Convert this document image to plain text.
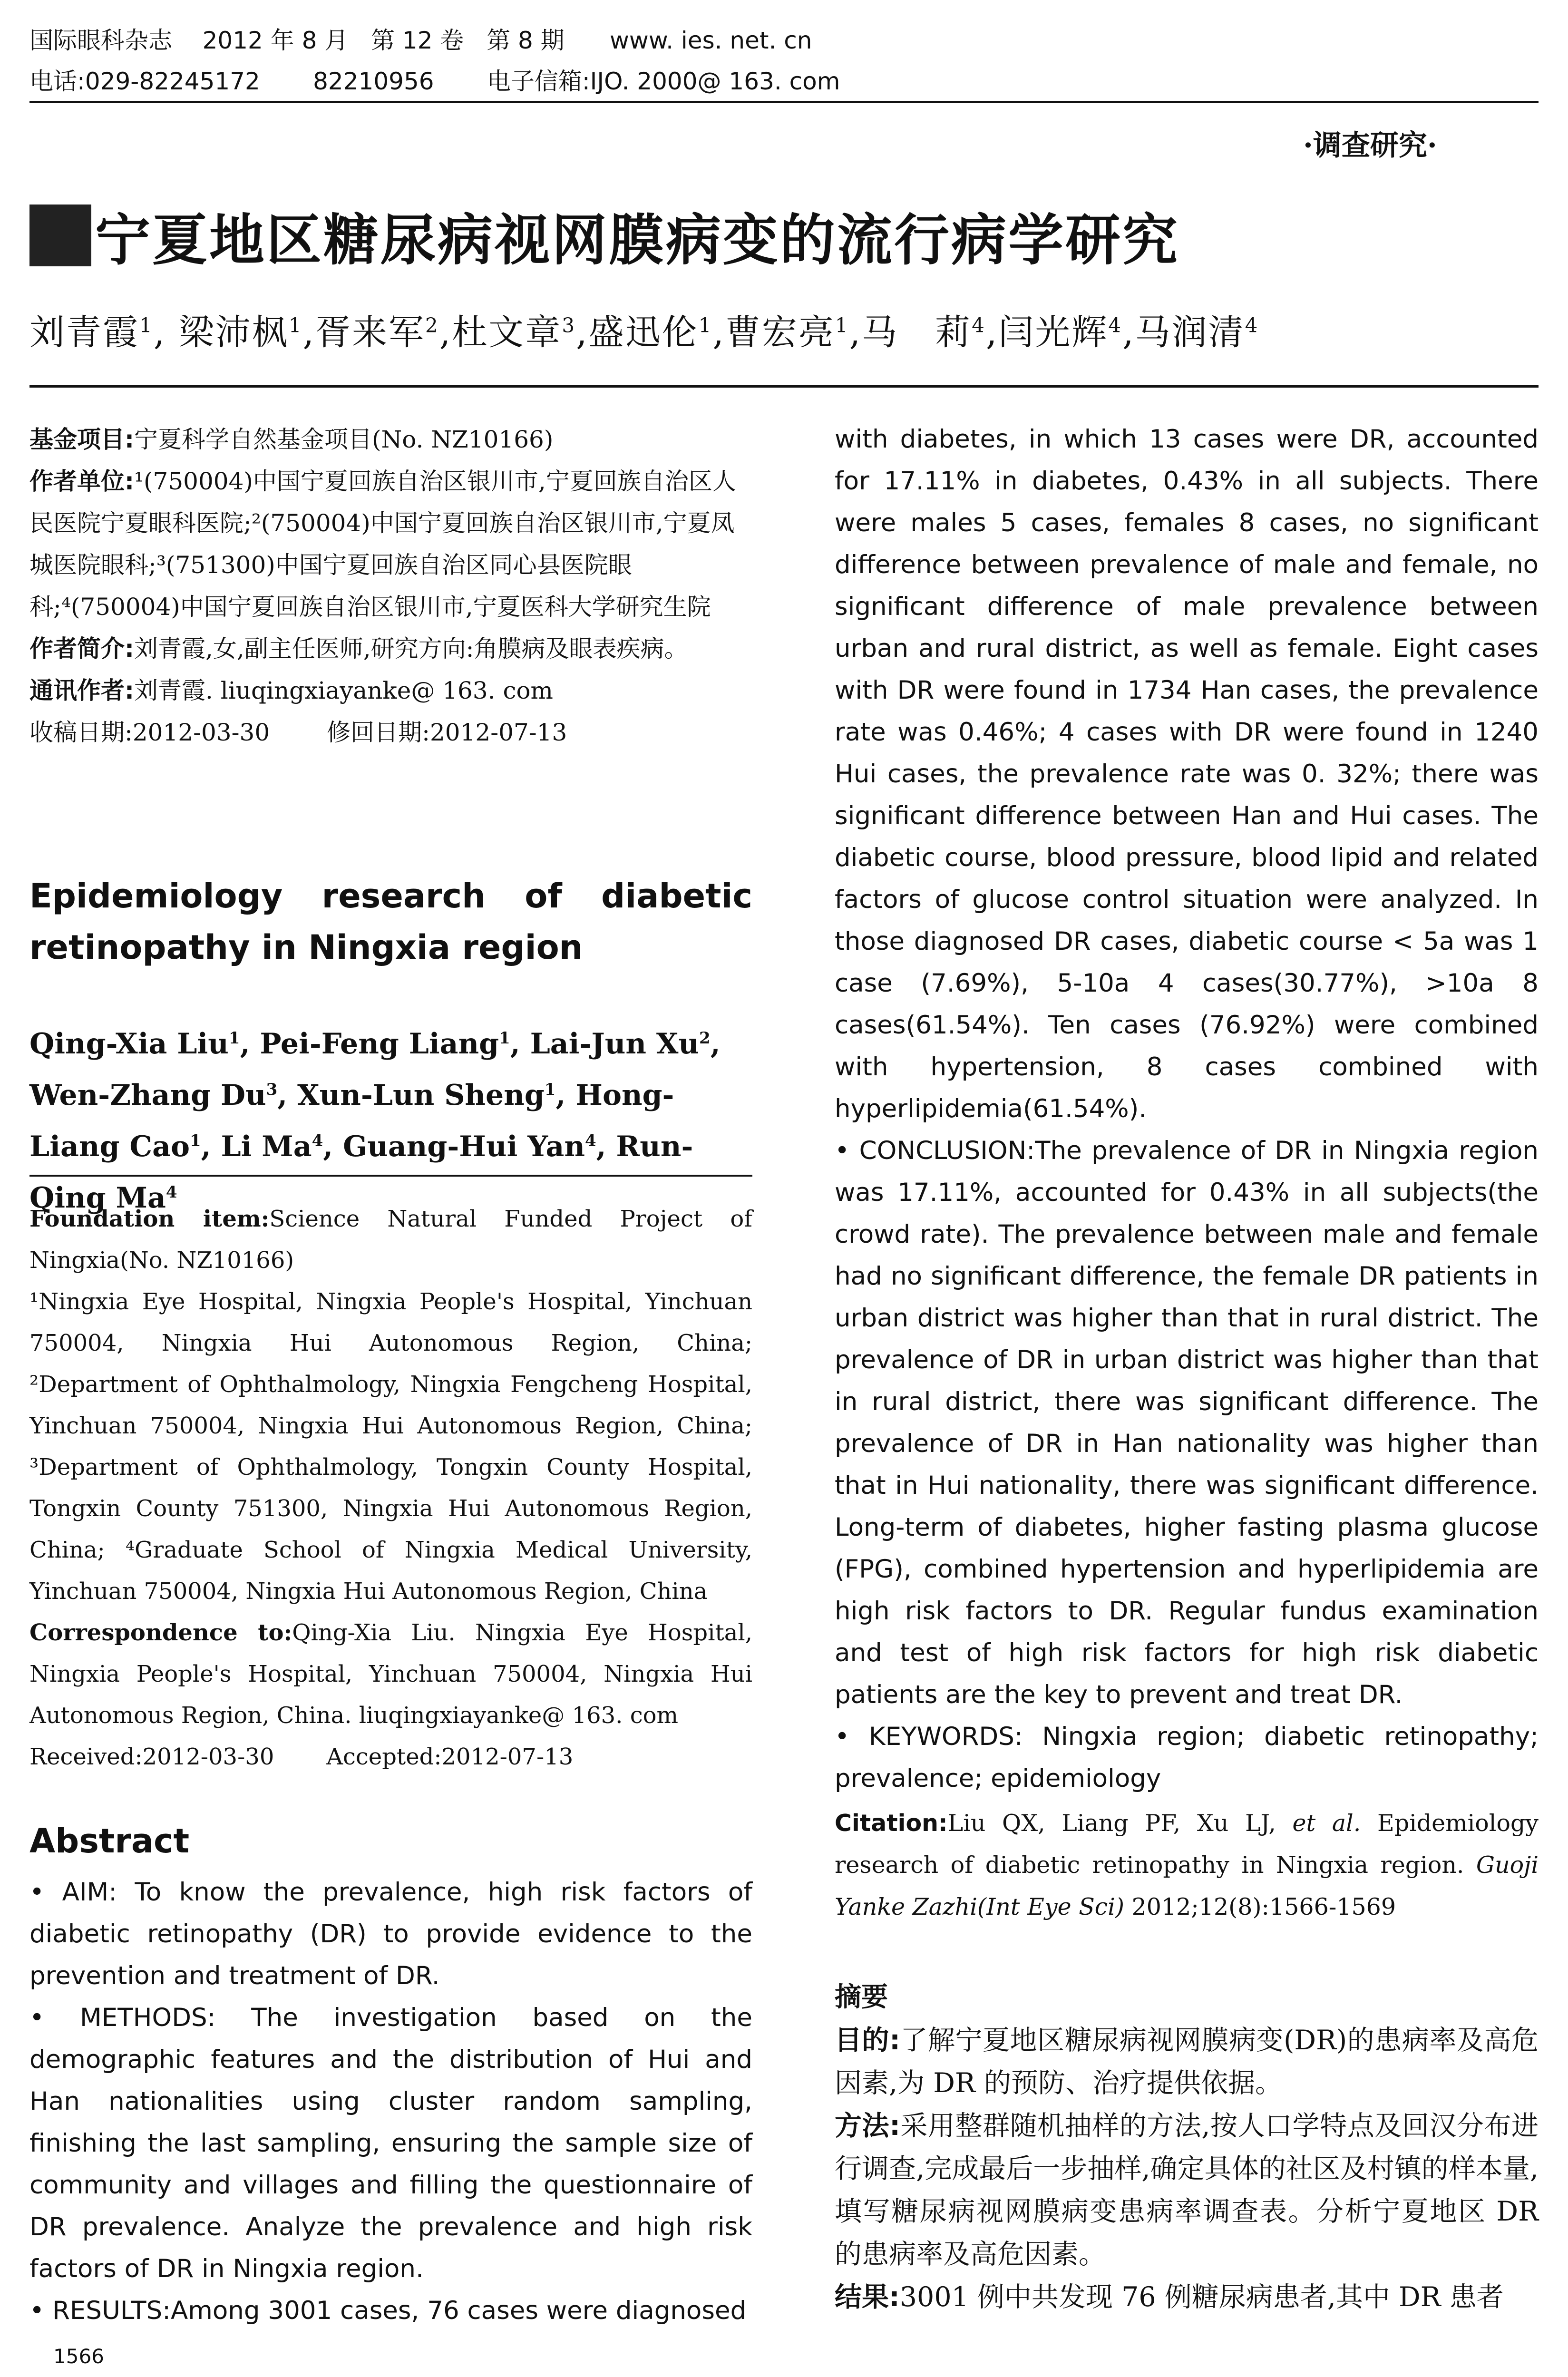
国际眼科杂志    2012 年 8 月   第 12 卷   第 8 期      www. ies. net. cn
电话:029-82245172       82210956       电子信箱:IJO. 2000@ 163. com
·调查研究·
宁夏地区糖尿病视网膜病变的流行病学研究
刘青霞$^1$, 梁沛枫$^1$,胥来军$^2$,杜文章$^3$,盛迅伦$^1$,曹宏亮$^1$,马　莉$^4$,闫光辉$^4$,马润清$^4$

基金项目:宁夏科学自然基金项目(No. NZ10166)

作者单位:¹(750004)中国宁夏回族自治区银川市,宁夏回族自治区人民医院宁夏眼科医院;²(750004)中国宁夏回族自治区银川市,宁夏凤城医院眼科;³(751300)中国宁夏回族自治区同心县医院眼科;⁴(750004)中国宁夏回族自治区银川市,宁夏医科大学研究生院

作者简介:刘青霞,女,副主任医师,研究方向:角膜病及眼表疾病。

通讯作者:刘青霞. liuqingxiayanke@ 163. com

收稿日期:2012-03-30 修回日期:2012-07-13

Epidemiology research of diabetic retinopathy in Ningxia region
Qing-Xia Liu$^1$, Pei-Feng Liang$^1$, Lai-Jun Xu$^2$, Wen-Zhang Du$^3$, Xun-Lun Sheng$^1$, Hong-Liang Cao$^1$, Li Ma$^4$, Guang-Hui Yan$^4$, Run-Qing Ma$^4$

Foundation item:Science Natural Funded Project of Ningxia(No. NZ10166)

¹Ningxia Eye Hospital, Ningxia People's Hospital, Yinchuan 750004, Ningxia Hui Autonomous Region, China; ²Department of Ophthalmology, Ningxia Fengcheng Hospital, Yinchuan 750004, Ningxia Hui Autonomous Region, China; ³Department of Ophthalmology, Tongxin County Hospital, Tongxin County 751300, Ningxia Hui Autonomous Region, China; ⁴Graduate School of Ningxia Medical University, Yinchuan 750004, Ningxia Hui Autonomous Region, China

Correspondence to:Qing-Xia Liu. Ningxia Eye Hospital, Ningxia People's Hospital, Yinchuan 750004, Ningxia Hui Autonomous Region, China. liuqingxiayanke@ 163. com

Received:2012-03-30 Accepted:2012-07-13

Abstract

• AIM: To know the prevalence, high risk factors of diabetic retinopathy (DR) to provide evidence to the prevention and treatment of DR.

• METHODS: The investigation based on the demographic features and the distribution of Hui and Han nationalities using cluster random sampling, finishing the last sampling, ensuring the sample size of community and villages and filling the questionnaire of DR prevalence. Analyze the prevalence and high risk factors of DR in Ningxia region.

• RESULTS:Among 3001 cases, 76 cases were diagnosed

with diabetes, in which 13 cases were DR, accounted for 17.11% in diabetes, 0.43% in all subjects. There were males 5 cases, females 8 cases, no significant difference between prevalence of male and female, no significant difference of male prevalence between urban and rural district, as well as female. Eight cases with DR were found in 1734 Han cases, the prevalence rate was 0.46%; 4 cases with DR were found in 1240 Hui cases, the prevalence rate was 0. 32%; there was significant difference between Han and Hui cases. The diabetic course, blood pressure, blood lipid and related factors of glucose control situation were analyzed. In those diagnosed DR cases, diabetic course < 5a was 1 case (7.69%), 5-10a 4 cases(30.77%), >10a 8 cases(61.54%). Ten cases (76.92%) were combined with hypertension, 8 cases combined with hyperlipidemia(61.54%).

• CONCLUSION:The prevalence of DR in Ningxia region was 17.11%, accounted for 0.43% in all subjects(the crowd rate). The prevalence between male and female had no significant difference, the female DR patients in urban district was higher than that in rural district. The prevalence of DR in urban district was higher than that in rural district, there was significant difference. The prevalence of DR in Han nationality was higher than that in Hui nationality, there was significant difference. Long-term of diabetes, higher fasting plasma glucose (FPG), combined hypertension and hyperlipidemia are high risk factors to DR. Regular fundus examination and test of high risk factors for high risk diabetic patients are the key to prevent and treat DR.

• KEYWORDS: Ningxia region; diabetic retinopathy; prevalence; epidemiology

Citation:Liu QX, Liang PF, Xu LJ, et al. Epidemiology research of diabetic retinopathy in Ningxia region. Guoji Yanke Zazhi(Int Eye Sci) 2012;12(8):1566-1569
摘要

目的:了解宁夏地区糖尿病视网膜病变(DR)的患病率及高危因素,为 DR 的预防、治疗提供依据。

方法:采用整群随机抽样的方法,按人口学特点及回汉分布进行调查,完成最后一步抽样,确定具体的社区及村镇的样本量,填写糖尿病视网膜病变患病率调查表。分析宁夏地区 DR 的患病率及高危因素。

结果:3001 例中共发现 76 例糖尿病患者,其中 DR 患者

1566
